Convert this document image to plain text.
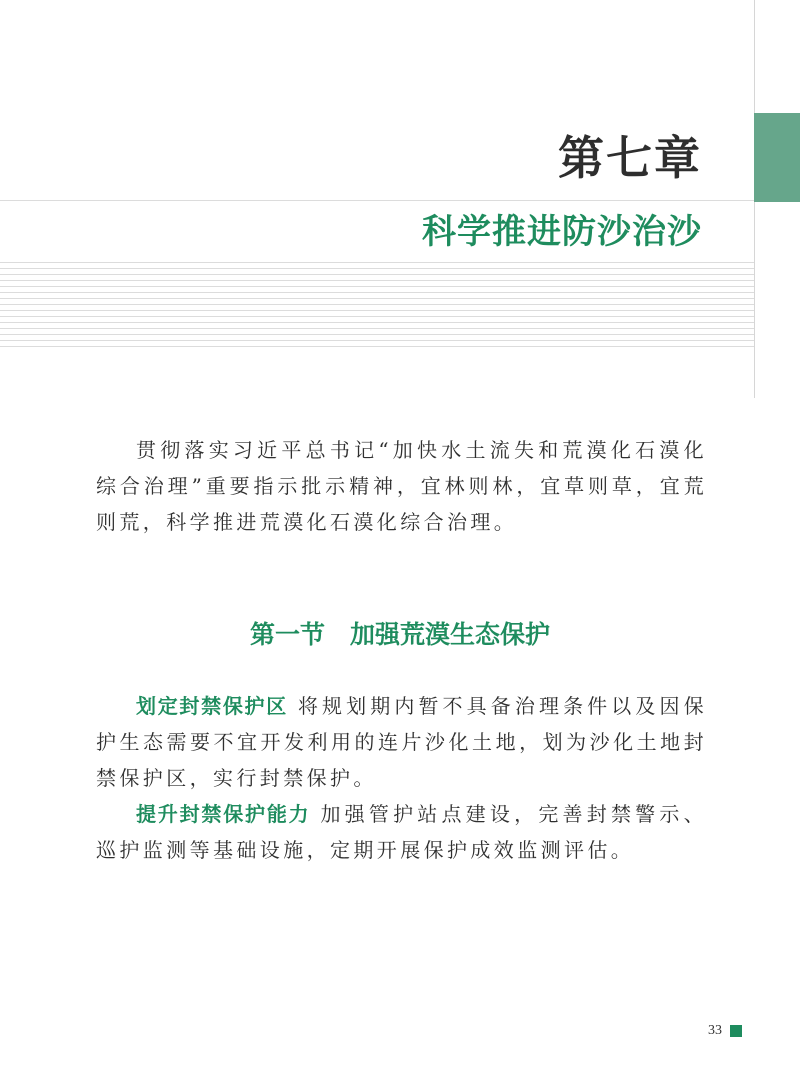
第七章
科学推进防沙治沙

贯彻落实习近平总书记“加快水土流失和荒漠化石漠化综合治理”重要指示批示精神，宜林则林，宜草则草，宜荒则荒，科学推进荒漠化石漠化综合治理。

第一节　加强荒漠生态保护

划定封禁保护区 将规划期内暂不具备治理条件以及因保护生态需要不宜开发利用的连片沙化土地，划为沙化土地封禁保护区，实行封禁保护。

提升封禁保护能力 加强管护站点建设，完善封禁警示、巡护监测等基础设施，定期开展保护成效监测评估。

33
